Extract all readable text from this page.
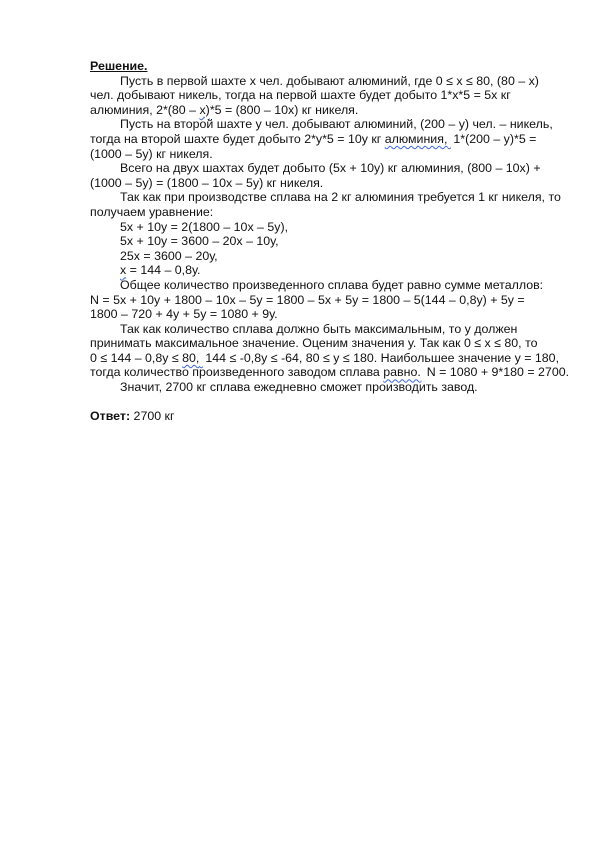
Решение.

Пусть в первой шахте х чел. добывают алюминий, где 0 ≤ х ≤ 80, (80 – х)

чел. добывают никель, тогда на первой шахте будет добыто 1*х*5 = 5х кг

алюминия, 2*(80 – х)*5 = (800 – 10х) кг никеля.

Пусть на второй шахте у чел. добывают алюминий, (200 – у) чел. – никель,

тогда на второй шахте будет добыто 2*у*5 = 10у кг алюминия, 1*(200 – у)*5 =

(1000 – 5у) кг никеля.

Всего на двух шахтах будет добыто (5х + 10у) кг алюминия, (800 – 10х) +

(1000 – 5у) = (1800 – 10х – 5у) кг никеля.

Так как при производстве сплава на 2 кг алюминия требуется 1 кг никеля, то

получаем уравнение:

5х + 10у = 2(1800 – 10х – 5у),

5х + 10у = 3600 – 20х – 10у,

25х = 3600 – 20у,

х = 144 – 0,8у.

Общее количество произведенного сплава будет равно сумме металлов:

N = 5х + 10у + 1800 – 10х – 5у = 1800 – 5х + 5у = 1800 – 5(144 – 0,8у) + 5у =

1800 – 720 + 4у + 5у = 1080 + 9у.

Так как количество сплава должно быть максимальным, то у должен

принимать максимальное значение. Оценим значения у. Так как 0 ≤ х ≤ 80, то

0 ≤ 144 – 0,8у ≤ 80, 144 ≤ -0,8у ≤ -64, 80 ≤ у ≤ 180. Наибольшее значение у = 180,

тогда количество произведенного заводом сплава равно. N = 1080 + 9*180 = 2700.

Значит, 2700 кг сплава ежедневно сможет производить завод.

Ответ: 2700 кг
